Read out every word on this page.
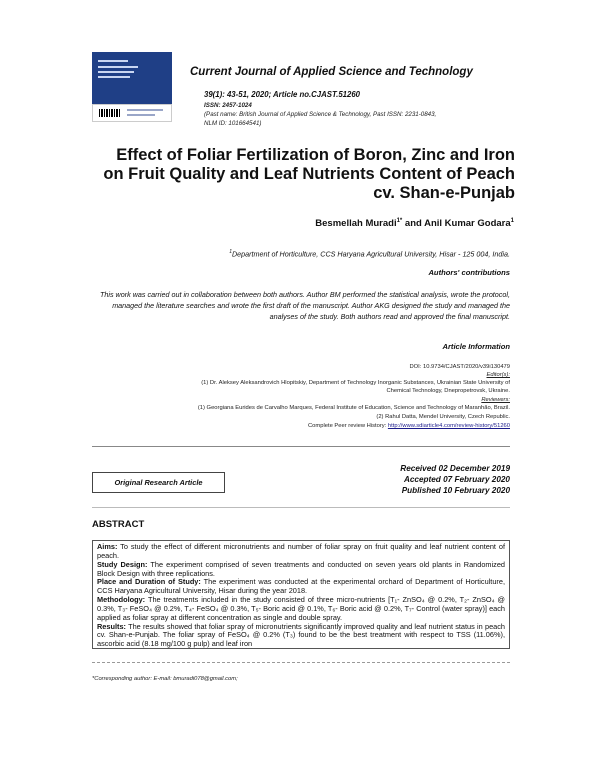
Current Journal of Applied Science and Technology
39(1): 43-51, 2020; Article no.CJAST.51260
ISSN: 2457-1024
(Past name: British Journal of Applied Science & Technology, Past ISSN: 2231-0843,
NLM ID: 101664541)
Effect of Foliar Fertilization of Boron, Zinc and Iron
on Fruit Quality and Leaf Nutrients Content of Peach
cv. Shan-e-Punjab
Besmellah Muradi$^{1*}$ and Anil Kumar Godara$^1$
$^1$Department of Horticulture, CCS Haryana Agricultural University, Hisar - 125 004, India.
Authors' contributions
This work was carried out in collaboration between both authors. Author BM performed the statistical analysis, wrote the protocol, managed the literature searches and wrote the first draft of the manuscript. Author AKG designed the study and managed the analyses of the study. Both authors read and approved the final manuscript.
Article Information
DOI: 10.9734/CJAST/2020/v39i130479
Editor(s):
(1) Dr. Aleksey Aleksandrovich Hlopitskiy, Department of Technology Inorganic Substances, Ukrainian State University of
Chemical Technology, Dnepropetrovsk, Ukraine.
Reviewers:
(1) Georgiana Eurides de Carvalho Marques, Federal Institute of Education, Science and Technology of Maranhão, Brazil.
(2) Rahul Datta, Mendel University, Czech Republic.
Complete Peer review History: http://www.sdiarticle4.com/review-history/51260
Received 02 December 2019
Accepted 07 February 2020
Published 10 February 2020
Original Research Article
ABSTRACT
Aims: To study the effect of different micronutrients and number of foliar spray on fruit quality and leaf nutrient content of peach.
Study Design: The experiment comprised of seven treatments and conducted on seven years old plants in Randomized Block Design with three replications.
Place and Duration of Study: The experiment was conducted at the experimental orchard of Department of Horticulture, CCS Haryana Agricultural University, Hisar during the year 2018.
Methodology: The treatments included in the study consisted of three micro-nutrients [T₁- ZnSO₄ @ 0.2%, T₂- ZnSO₄ @ 0.3%, T₃- FeSO₄ @ 0.2%, T₄- FeSO₄ @ 0.3%, T₅- Boric acid @ 0.1%, T₆- Boric acid @ 0.2%, T₇- Control (water spray)] each applied as foliar spray at different concentration as single and double spray.
Results: The results showed that foliar spray of micronutrients significantly improved quality and leaf nutrient status in peach cv. Shan-e-Punjab. The foliar spray of FeSO₄ @ 0.2% (T₃) found to be the best treatment with respect to TSS (11.06%), ascorbic acid (8.18 mg/100 g pulp) and leaf iron
*Corresponding author: E-mail: bmuradi078@gmail.com;
